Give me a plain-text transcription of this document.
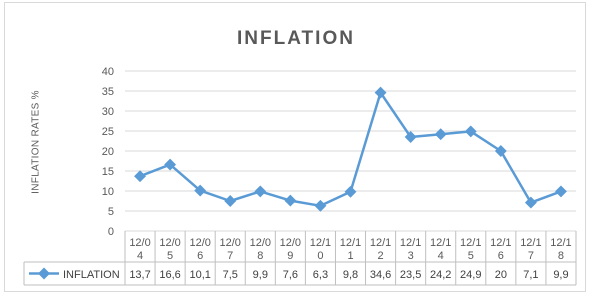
INFLATION
INFLATION RATES %
0
5
10
15
20
25
30
35
40
12/0 4
12/0 5
12/0 6
12/0 7
12/0 8
12/0 9
12/1 0
12/1 1
12/1 2
12/1 3
12/1 4
12/1 5
12/1 6
12/1 7
12/1 8
13,7 16,6 10,1 7,5 9,9 7,6 6,3 9,8 34,6 23,5 24,2 24,9 20 7,1 9,9
INFLATION
